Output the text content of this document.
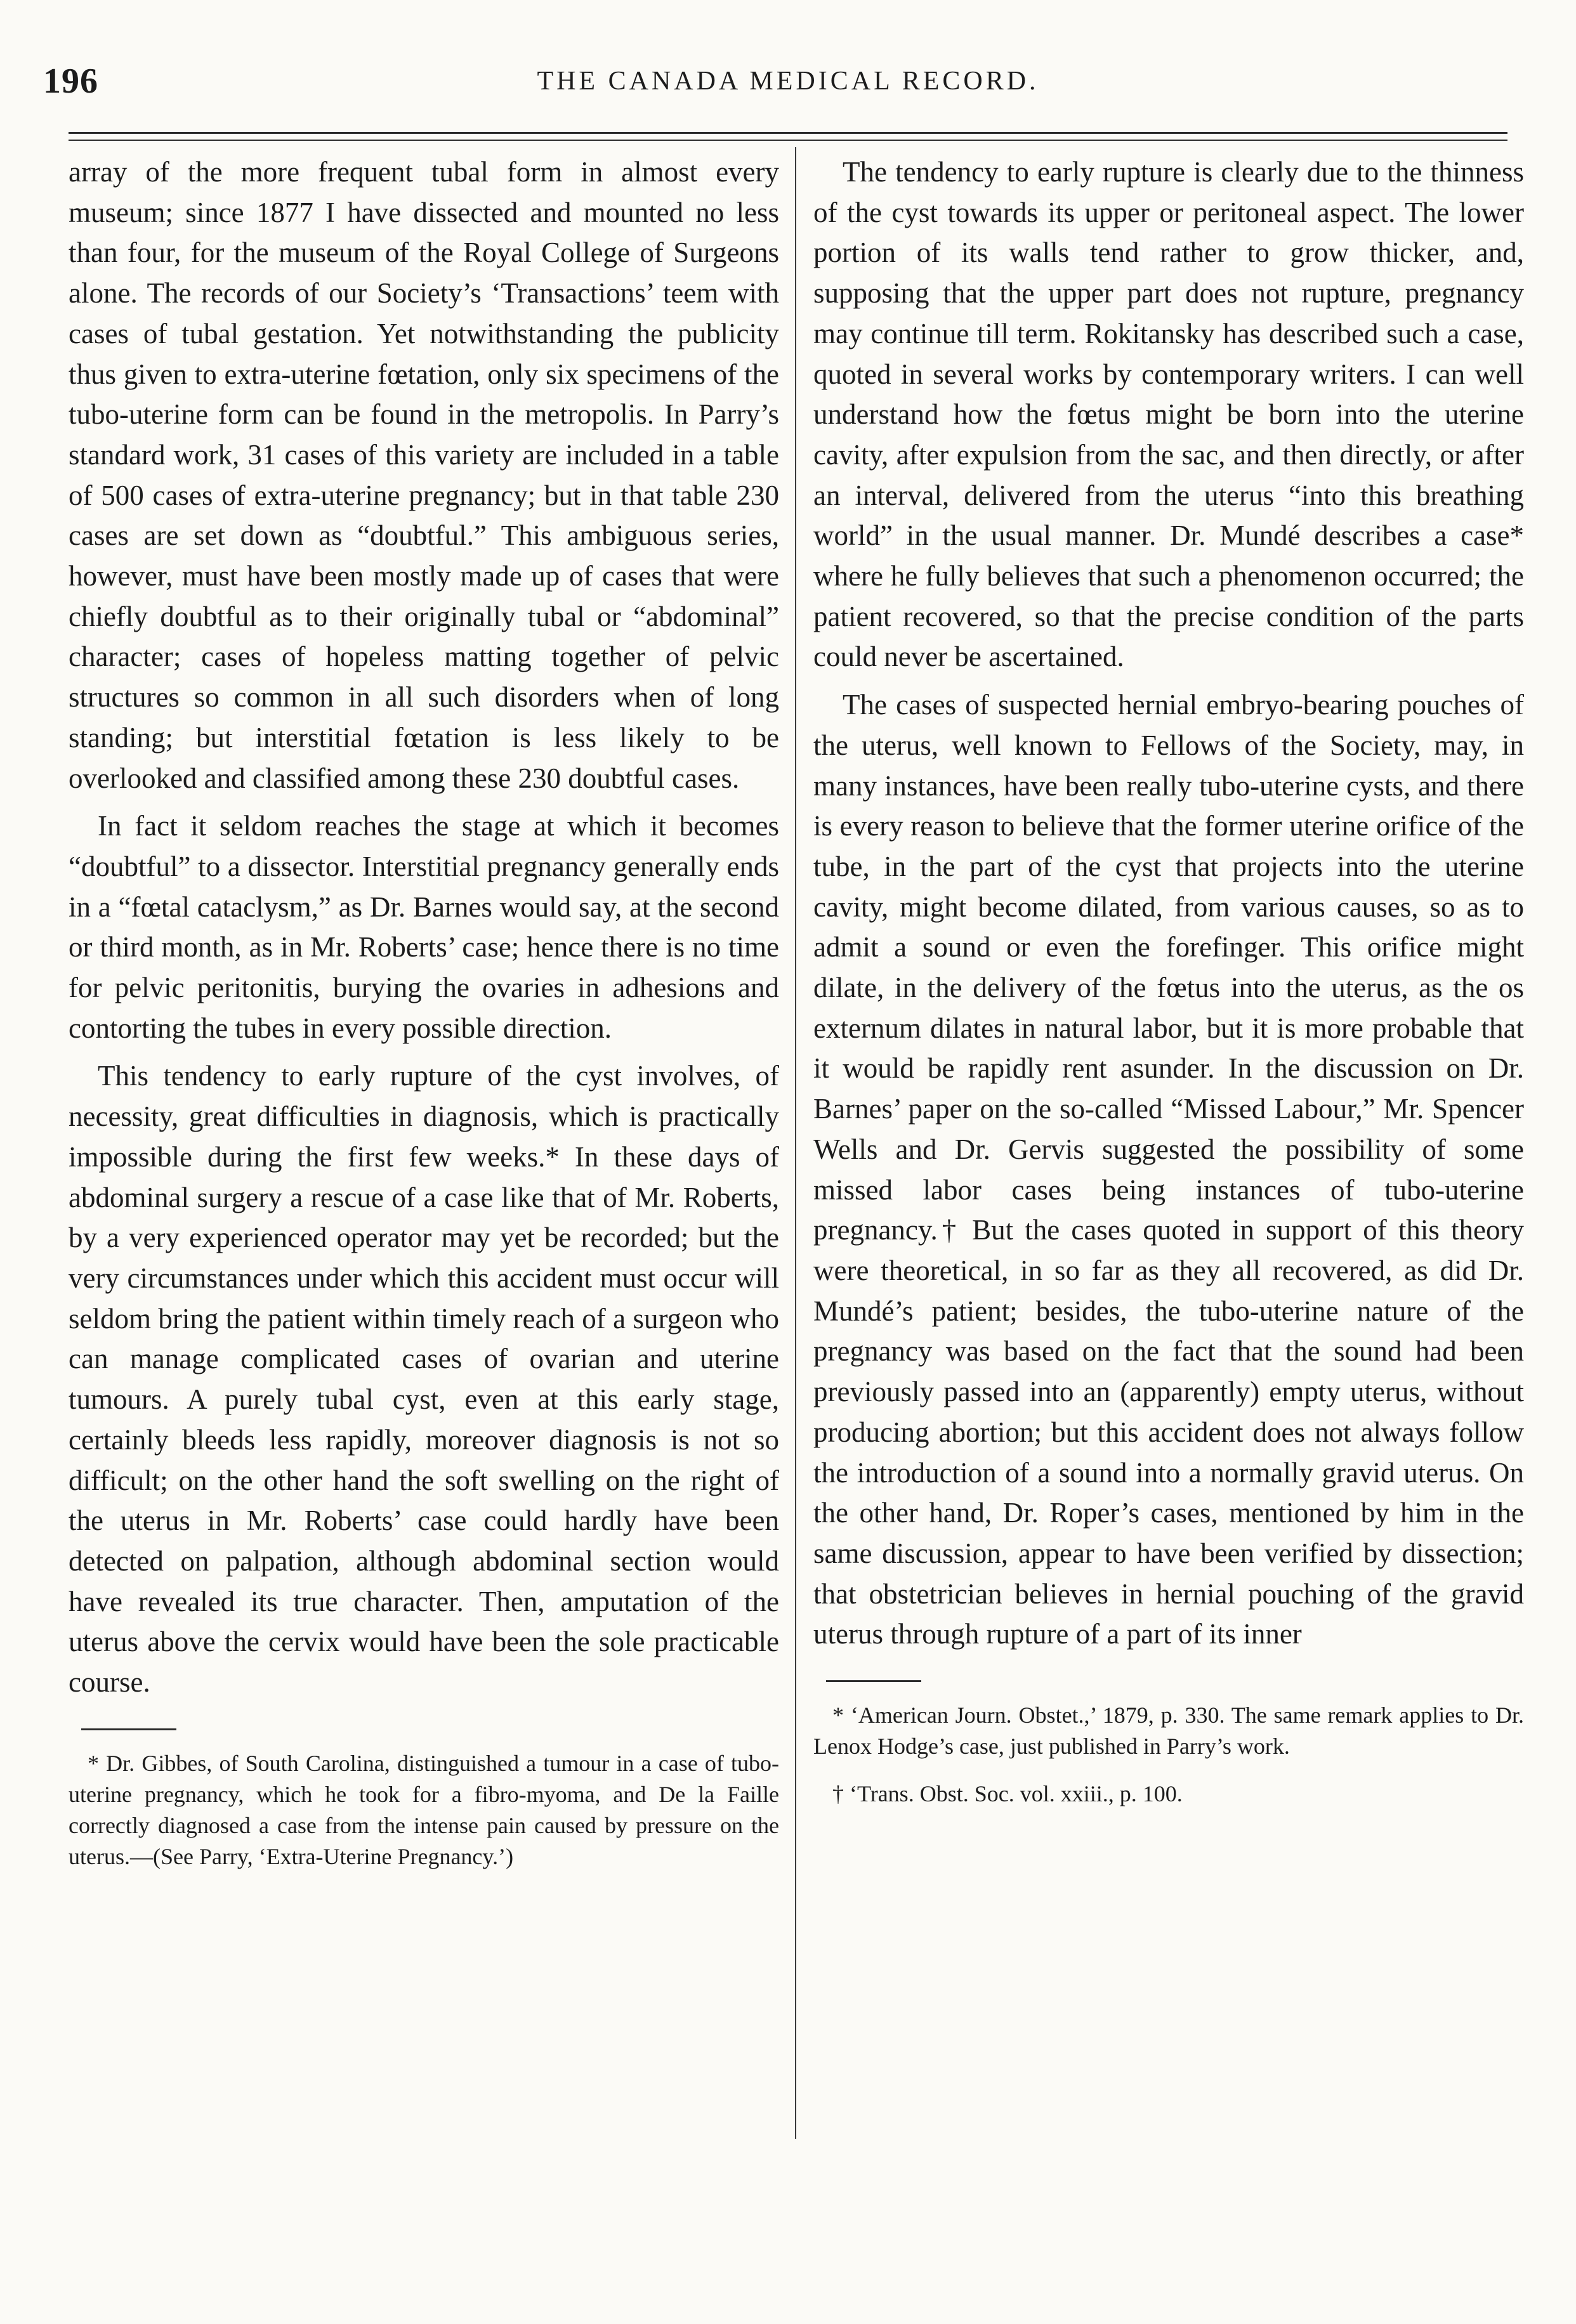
196	THE CANADA MEDICAL RECORD.

array of the more frequent tubal form in almost every museum; since 1877 I have dissected and mounted no less than four, for the museum of the Royal College of Surgeons alone. The records of our Society’s ‘Transactions’ teem with cases of tubal gestation. Yet notwithstanding the publicity thus given to extra-uterine fœtation, only six specimens of the tubo-uterine form can be found in the metropolis. In Parry’s standard work, 31 cases of this variety are included in a table of 500 cases of extra-uterine pregnancy; but in that table 230 cases are set down as “doubtful.” This ambiguous series, however, must have been mostly made up of cases that were chiefly doubtful as to their originally tubal or “abdominal” character; cases of hopeless matting together of pelvic structures so common in all such disorders when of long standing; but interstitial fœtation is less likely to be overlooked and classified among these 230 doubtful cases.

In fact it seldom reaches the stage at which it becomes “doubtful” to a dissector. Interstitial pregnancy generally ends in a “fœtal cataclysm,” as Dr. Barnes would say, at the second or third month, as in Mr. Roberts’ case; hence there is no time for pelvic peritonitis, burying the ovaries in adhesions and contorting the tubes in every possible direction.

This tendency to early rupture of the cyst involves, of necessity, great difficulties in diagnosis, which is practically impossible during the first few weeks.* In these days of abdominal surgery a rescue of a case like that of Mr. Roberts, by a very experienced operator may yet be recorded; but the very circumstances under which this accident must occur will seldom bring the patient within timely reach of a surgeon who can manage complicated cases of ovarian and uterine tumours. A purely tubal cyst, even at this early stage, certainly bleeds less rapidly, moreover diagnosis is not so difficult; on the other hand the soft swelling on the right of the uterus in Mr. Roberts’ case could hardly have been detected on palpation, although abdominal section would have revealed its true character. Then, amputation of the uterus above the cervix would have been the sole practicable course.

* Dr. Gibbes, of South Carolina, distinguished a tumour in a case of tubo-uterine pregnancy, which he took for a fibro-myoma, and De la Faille correctly diagnosed a case from the intense pain caused by pressure on the uterus.—(See Parry, ‘Extra-Uterine Pregnancy.’)

The tendency to early rupture is clearly due to the thinness of the cyst towards its upper or peritoneal aspect. The lower portion of its walls tend rather to grow thicker, and, supposing that the upper part does not rupture, pregnancy may continue till term. Rokitansky has described such a case, quoted in several works by contemporary writers. I can well understand how the fœtus might be born into the uterine cavity, after expulsion from the sac, and then directly, or after an interval, delivered from the uterus “into this breathing world” in the usual manner. Dr. Mundé describes a case* where he fully believes that such a phenomenon occurred; the patient recovered, so that the precise condition of the parts could never be ascertained.

The cases of suspected hernial embryo-bearing pouches of the uterus, well known to Fellows of the Society, may, in many instances, have been really tubo-uterine cysts, and there is every reason to believe that the former uterine orifice of the tube, in the part of the cyst that projects into the uterine cavity, might become dilated, from various causes, so as to admit a sound or even the forefinger. This orifice might dilate, in the delivery of the fœtus into the uterus, as the os externum dilates in natural labor, but it is more probable that it would be rapidly rent asunder. In the discussion on Dr. Barnes’ paper on the so-called “Missed Labour,” Mr. Spencer Wells and Dr. Gervis suggested the possibility of some missed labor cases being instances of tubo-uterine pregnancy.† But the cases quoted in support of this theory were theoretical, in so far as they all recovered, as did Dr. Mundé’s patient; besides, the tubo-uterine nature of the pregnancy was based on the fact that the sound had been previously passed into an (apparently) empty uterus, without producing abortion; but this accident does not always follow the introduction of a sound into a normally gravid uterus. On the other hand, Dr. Roper’s cases, mentioned by him in the same discussion, appear to have been verified by dissection; that obstetrician believes in hernial pouching of the gravid uterus through rupture of a part of its inner

* ‘American Journ. Obstet.,’ 1879, p. 330. The same remark applies to Dr. Lenox Hodge’s case, just published in Parry’s work.

† ‘Trans. Obst. Soc. vol. xxiii., p. 100.
